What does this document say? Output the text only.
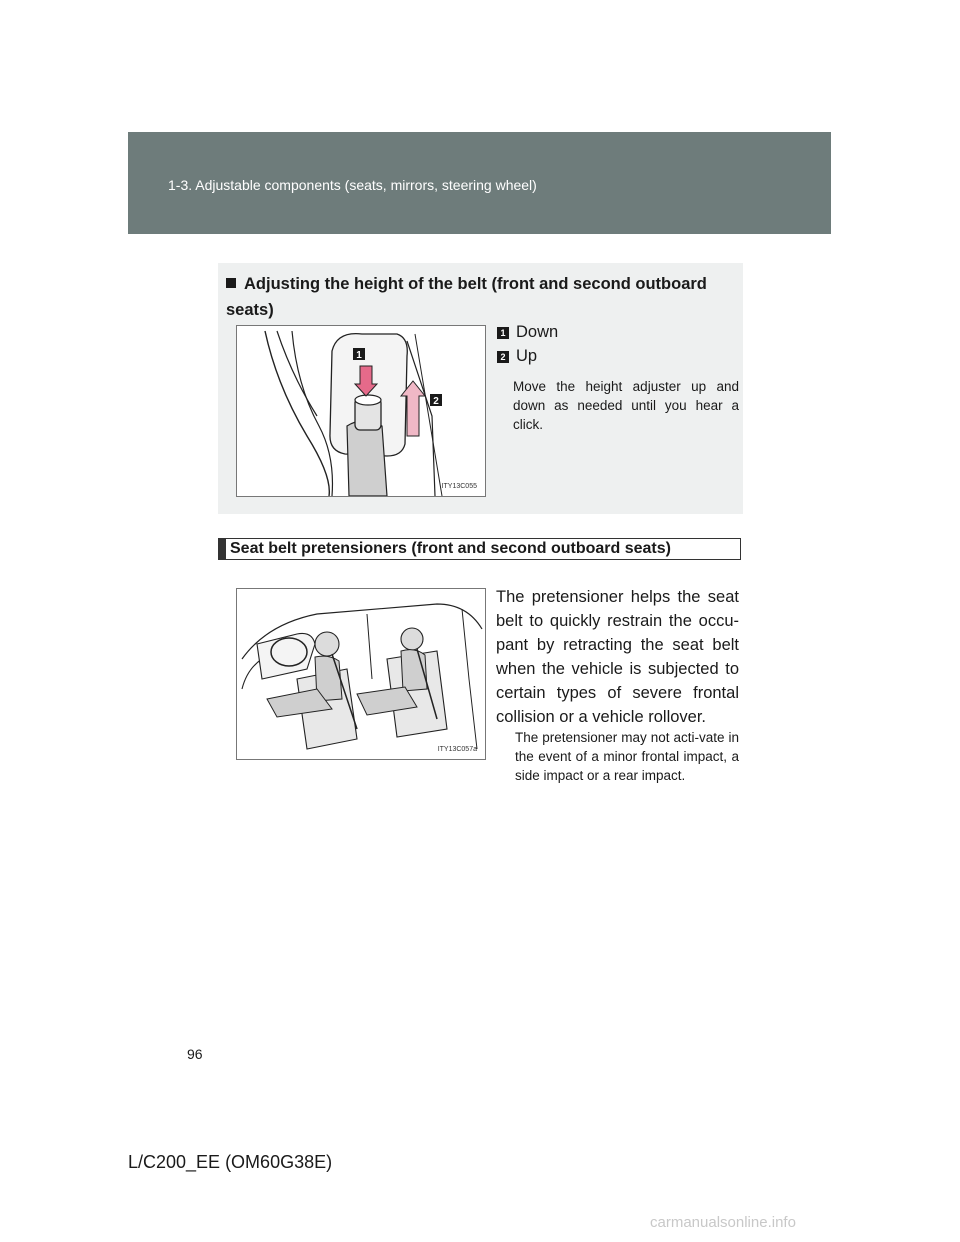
1-3. Adjustable components (seats, mirrors, steering wheel)
Adjusting the height of the belt (front and second outboard seats)
1
2
ITY13C055
1 Down
2 Up
Move the height adjuster up and down as needed until you hear a click.
Seat belt pretensioners (front and second outboard seats)
ITY13C057a
The pretensioner helps the seat belt to quickly restrain the occu-pant by retracting the seat belt when the vehicle is subjected to certain types of severe frontal collision or a vehicle rollover.
The pretensioner may not acti-vate in the event of a minor frontal impact, a side impact or a rear impact.
96
L/C200_EE (OM60G38E)
carmanualsonline.info
